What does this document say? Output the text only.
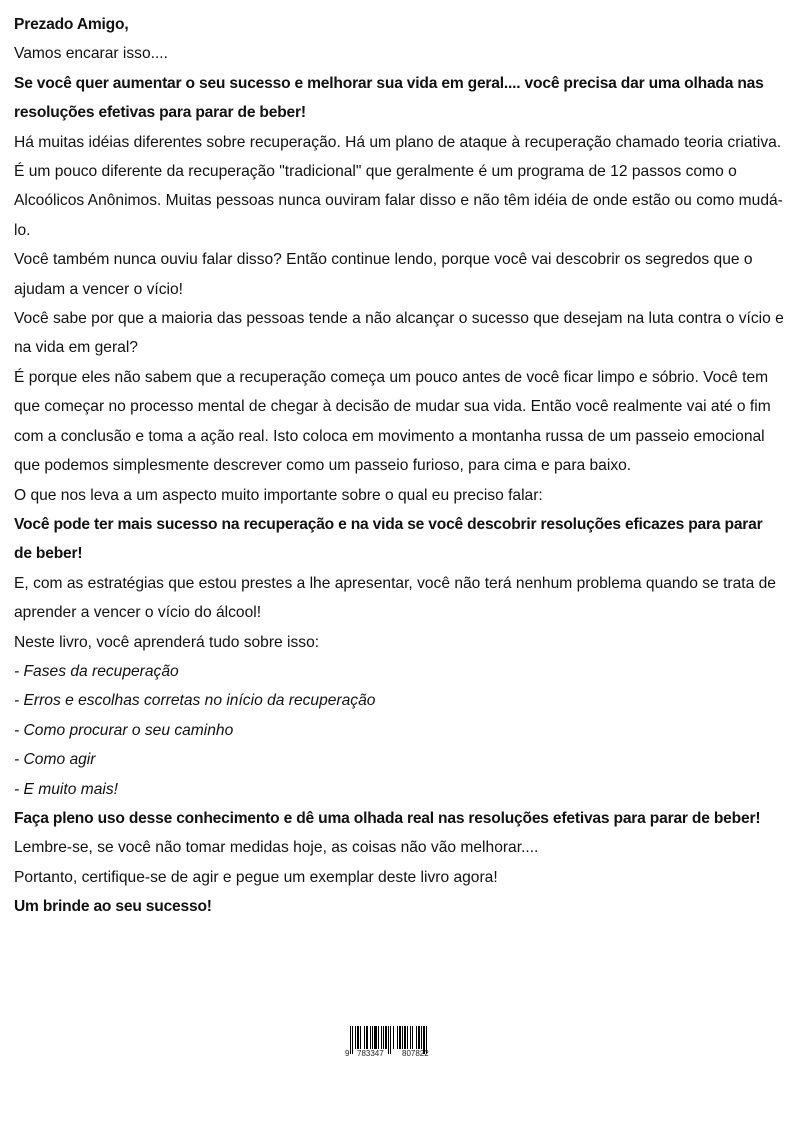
Prezado Amigo,

Vamos encarar isso....

Se você quer aumentar o seu sucesso e melhorar sua vida em geral.... você precisa dar uma olhada nas resoluções efetivas para parar de beber!

Há muitas idéias diferentes sobre recuperação. Há um plano de ataque à recuperação chamado teoria criativa. É um pouco diferente da recuperação "tradicional" que geralmente é um programa de 12 passos como o Alcoólicos Anônimos. Muitas pessoas nunca ouviram falar disso e não têm idéia de onde estão ou como mudá-lo.

Você também nunca ouviu falar disso? Então continue lendo, porque você vai descobrir os segredos que o ajudam a vencer o vício!

Você sabe por que a maioria das pessoas tende a não alcançar o sucesso que desejam na luta contra o vício e na vida em geral?

É porque eles não sabem que a recuperação começa um pouco antes de você ficar limpo e sóbrio. Você tem que começar no processo mental de chegar à decisão de mudar sua vida. Então você realmente vai até o fim com a conclusão e toma a ação real. Isto coloca em movimento a montanha russa de um passeio emocional que podemos simplesmente descrever como um passeio furioso, para cima e para baixo.

O que nos leva a um aspecto muito importante sobre o qual eu preciso falar:

Você pode ter mais sucesso na recuperação e na vida se você descobrir resoluções eficazes para parar de beber!

E, com as estratégias que estou prestes a lhe apresentar, você não terá nenhum problema quando se trata de aprender a vencer o vício do álcool!

Neste livro, você aprenderá tudo sobre isso:

- Fases da recuperação

- Erros e escolhas corretas no início da recuperação

- Como procurar o seu caminho

- Como agir

- E muito mais!

Faça pleno uso desse conhecimento e dê uma olhada real nas resoluções efetivas para parar de beber!

Lembre-se, se você não tomar medidas hoje, as coisas não vão melhorar....

Portanto, certifique-se de agir e pegue um exemplar deste livro agora!

Um brinde ao seu sucesso!

9 783347 807822
